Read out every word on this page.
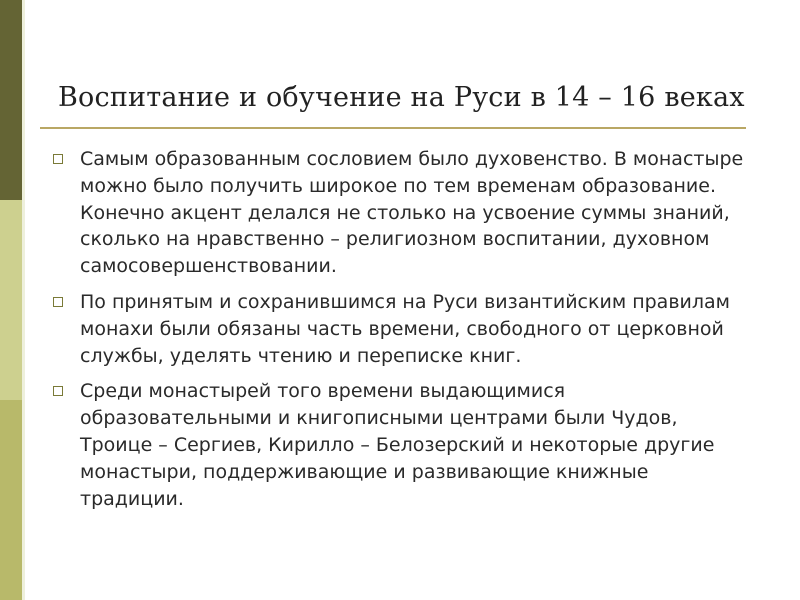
Воспитание и обучение на Руси в 14 – 16 веках
Самым образованным сословием было духовенство. В монастыре можно было получить широкое по тем временам образование. Конечно акцент делался не столько на усвоение суммы знаний, сколько на нравственно – религиозном воспитании, духовном самосовершенствовании.
По принятым и сохранившимся на Руси византийским правилам монахи были обязаны часть времени, свободного от церковной службы, уделять чтению и переписке книг.
Среди монастырей того времени выдающимися образовательными и книгописными центрами были Чудов, Троице – Сергиев, Кирилло – Белозерский и некоторые другие монастыри, поддерживающие и развивающие книжные традиции.
